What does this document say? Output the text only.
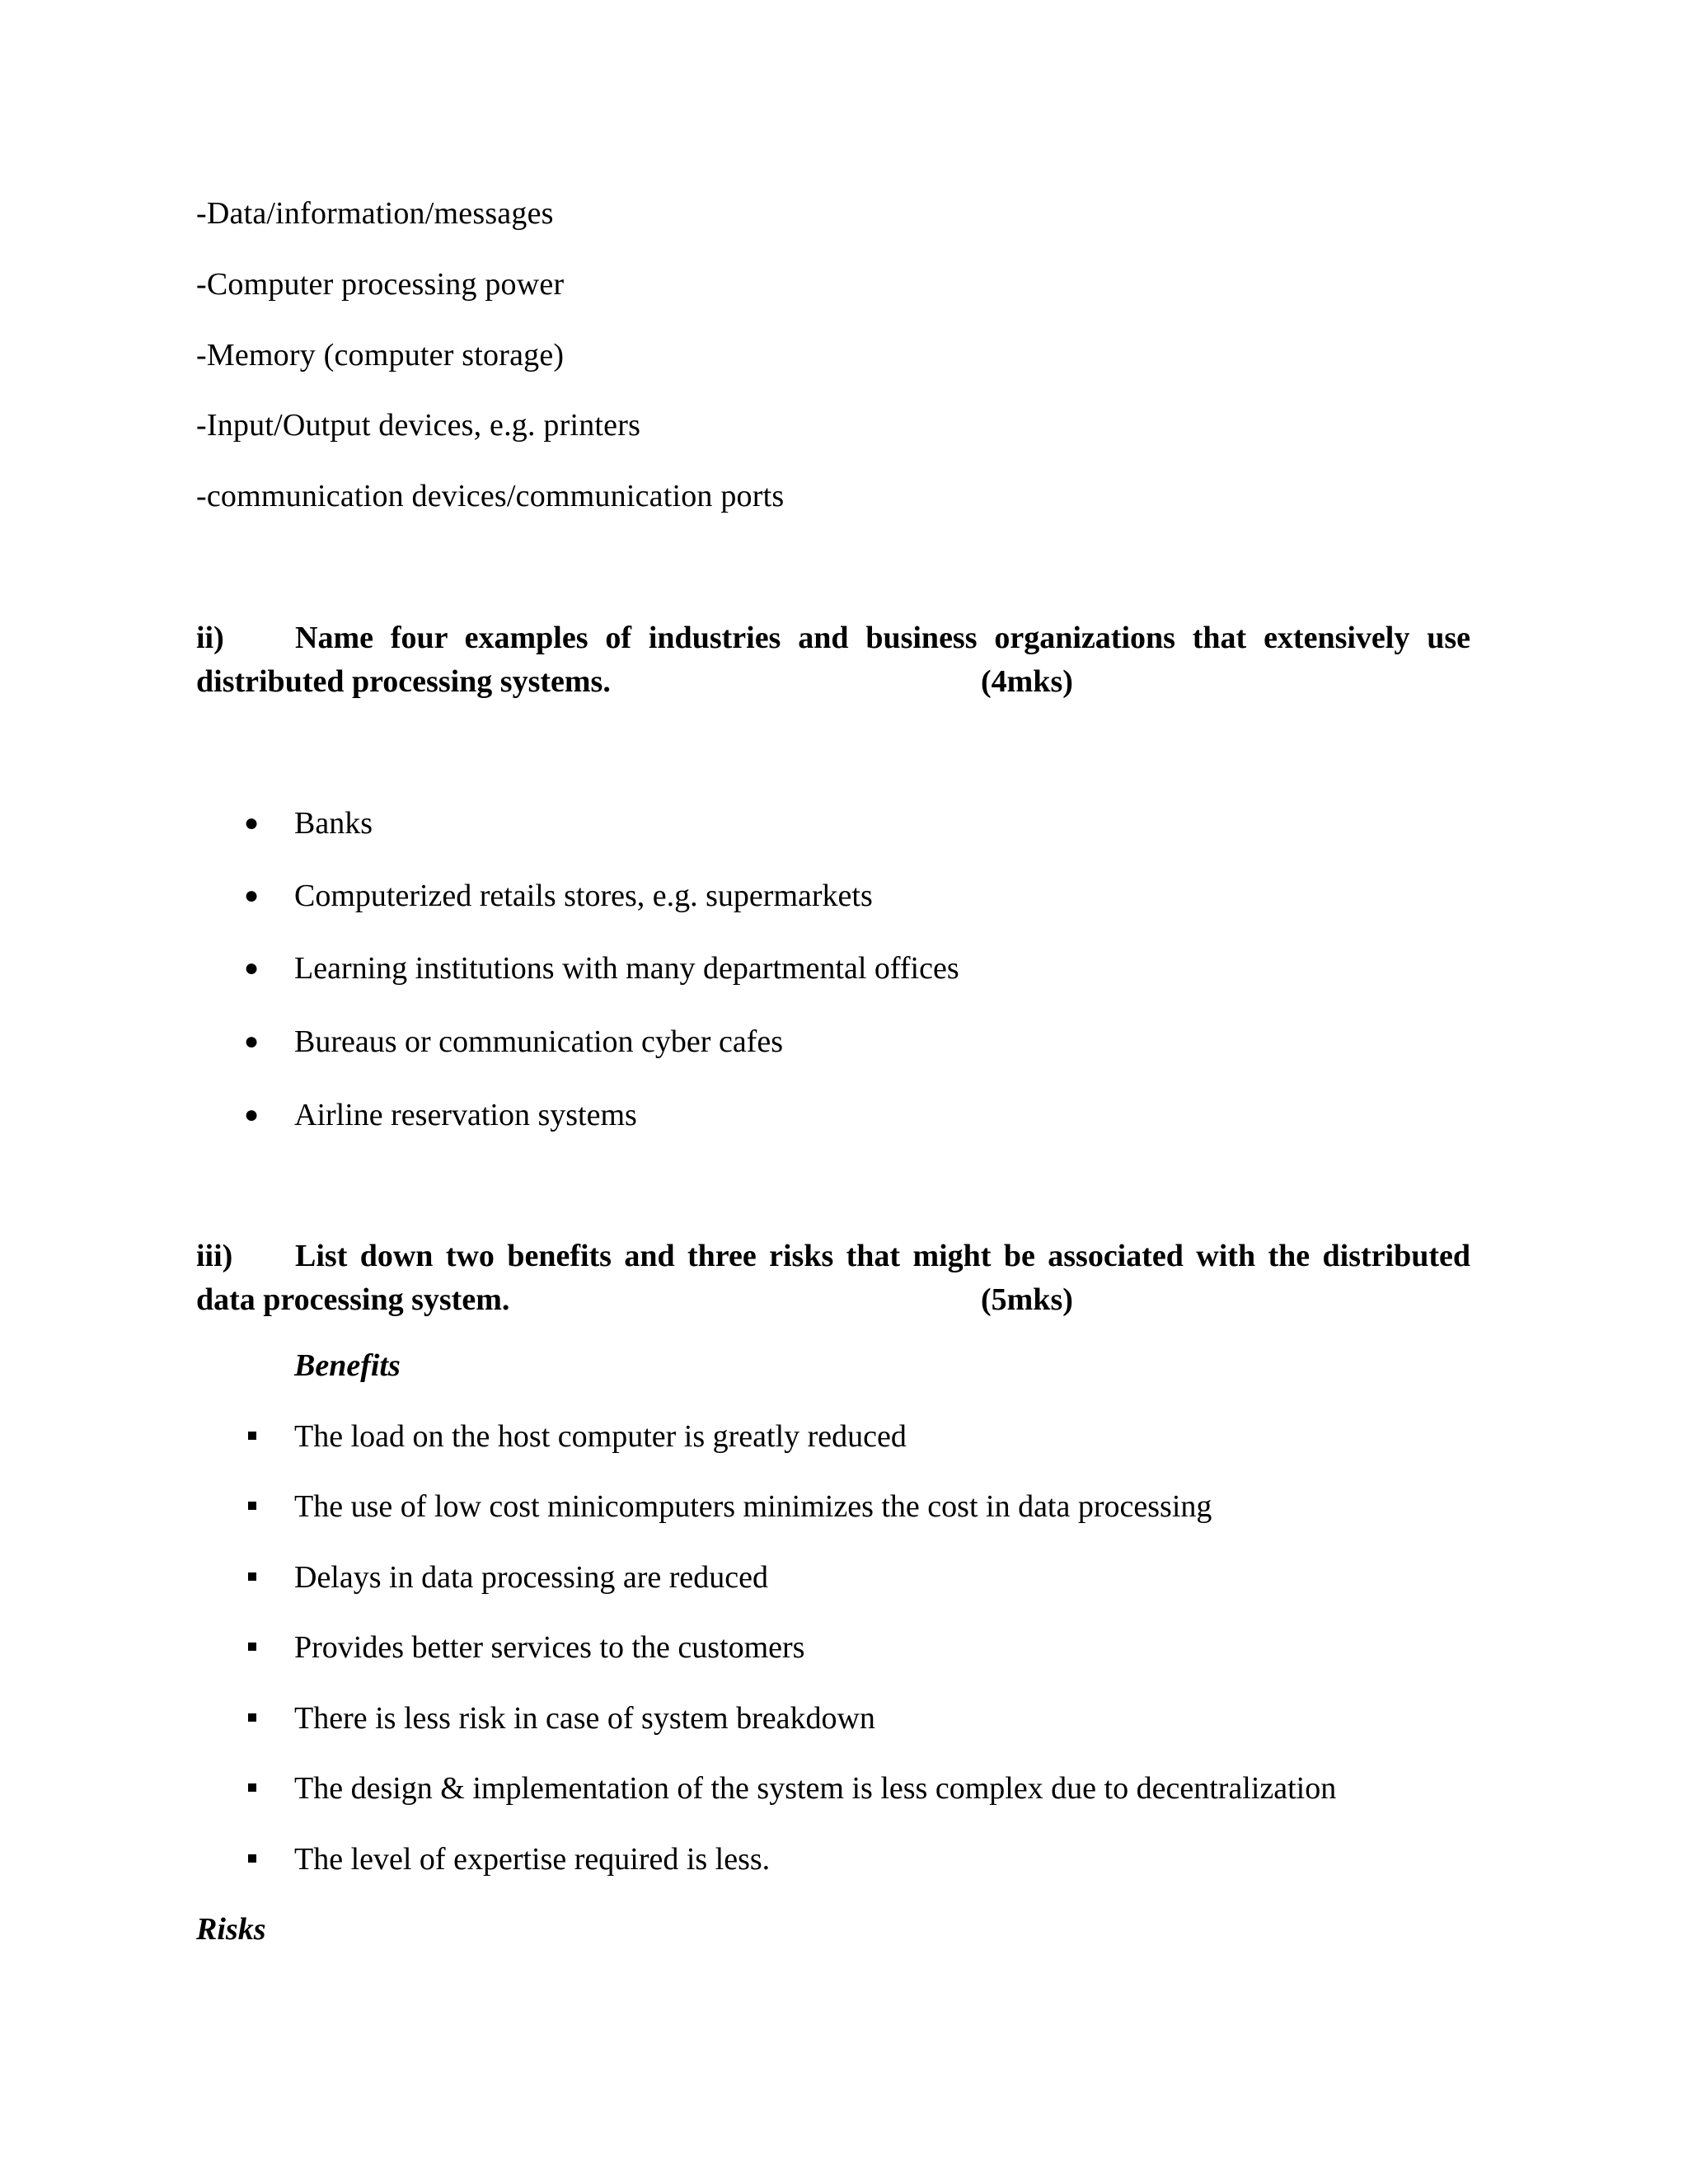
-Data/information/messages
-Computer processing power
-Memory (computer storage)
-Input/Output devices, e.g. printers
-communication devices/communication ports
ii) Name four examples of industries and business organizations that extensively use
distributed processing systems.	(4mks)
● Banks
● Computerized retails stores, e.g. supermarkets
● Learning institutions with many departmental offices
● Bureaus or communication cyber cafes
● Airline reservation systems
iii) List down two benefits and three risks that might be associated with the distributed
data processing system.	(5mks)
Benefits
The load on the host computer is greatly reduced
The use of low cost minicomputers minimizes the cost in data processing
Delays in data processing are reduced
Provides better services to the customers
There is less risk in case of system breakdown
The design & implementation of the system is less complex due to decentralization
The level of expertise required is less.
Risks
